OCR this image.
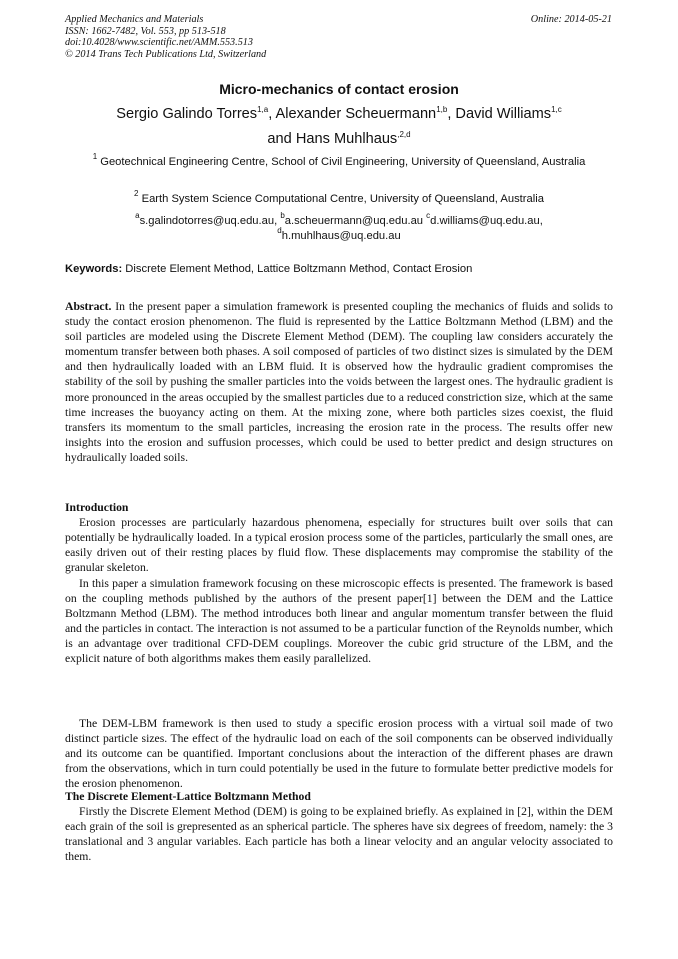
Applied Mechanics and Materials
ISSN: 1662-7482, Vol. 553, pp 513-518
doi:10.4028/www.scientific.net/AMM.553.513
© 2014 Trans Tech Publications Ltd, Switzerland
Online: 2014-05-21
Micro-mechanics of contact erosion
Sergio Galindo Torres$^{1,a}$, Alexander Scheuermann$^{1,b}$, David Williams$^{1,c}$
and Hans Muhlhaus$^{,2,d}$
$^1$ Geotechnical Engineering Centre, School of Civil Engineering, University of Queensland, Australia
$^2$ Earth System Science Computational Centre, University of Queensland, Australia
$^a$s.galindotorres@uq.edu.au, $^b$a.scheuermann@uq.edu.au $^c$d.williams@uq.edu.au,
$^d$h.muhlhaus@uq.edu.au
Keywords: Discrete Element Method, Lattice Boltzmann Method, Contact Erosion

Abstract. In the present paper a simulation framework is presented coupling the mechanics of fluids and solids to study the contact erosion phenomenon. The fluid is represented by the Lattice Boltzmann Method (LBM) and the soil particles are modeled using the Discrete Element Method (DEM). The coupling law considers accurately the momentum transfer between both phases. A soil composed of particles of two distinct sizes is simulated by the DEM and then hydraulically loaded with an LBM fluid. It is observed how the hydraulic gradient compromises the stability of the soil by pushing the smaller particles into the voids between the largest ones. The hydraulic gradient is more pronounced in the areas occupied by the smallest particles due to a reduced constriction size, which at the same time increases the buoyancy acting on them. At the mixing zone, where both particles sizes coexist, the fluid transfers its momentum to the small particles, increasing the erosion rate in the process. The results offer new insights into the erosion and suffusion processes, which could be used to better predict and design structures on hydraulically loaded soils.

Introduction

Erosion processes are particularly hazardous phenomena, especially for structures built over soils that can potentially be hydraulically loaded. In a typical erosion process some of the particles, particularly the small ones, are easily driven out of their resting places by fluid flow. These displacements may compromise the stability of the granular skeleton.

In this paper a simulation framework focusing on these microscopic effects is presented. The framework is based on the coupling methods published by the authors of the present paper[1] between the DEM and the Lattice Boltzmann Method (LBM). The method introduces both linear and angular momentum transfer between the fluid and the particles in contact. The interaction is not assumed to be a particular function of the Reynolds number, which is an advantage over traditional CFD-DEM couplings. Moreover the cubic grid structure of the LBM, and the explicit nature of both algorithms makes them easily parallelized.

The DEM-LBM framework is then used to study a specific erosion process with a virtual soil made of two distinct particle sizes. The effect of the hydraulic load on each of the soil components can be observed individually and its outcome can be quantified. Important conclusions about the interaction of the different phases are drawn from the observations, which in turn could potentially be used in the future to formulate better predictive models for the erosion phenomenon.

The Discrete Element-Lattice Boltzmann Method

Firstly the Discrete Element Method (DEM) is going to be explained briefly. As explained in [2], within the DEM each grain of the soil is grepresented as an spherical particle. The spheres have six degrees of freedom, namely: the 3 translational and 3 angular variables. Each particle has both a linear velocity and an angular velocity associated to them.
